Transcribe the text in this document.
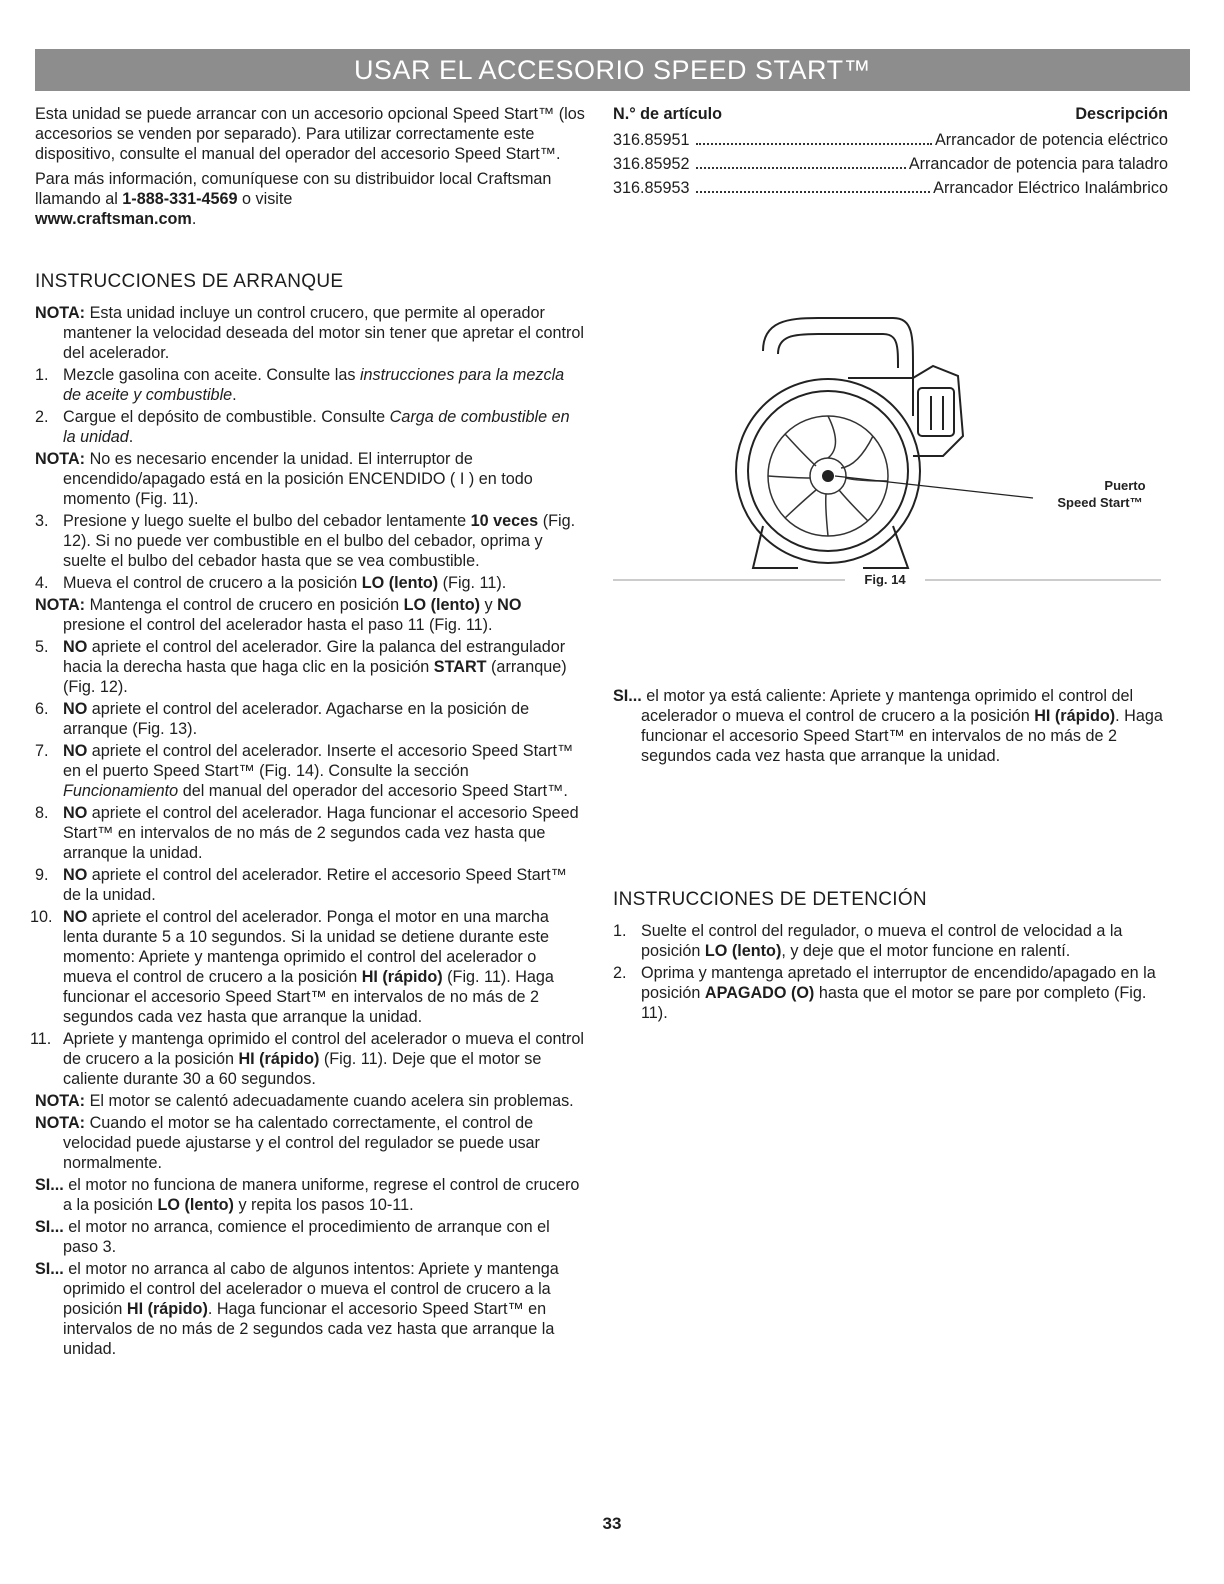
USAR EL ACCESORIO SPEED START™

Esta unidad se puede arrancar con un accesorio opcional Speed Start™ (los accesorios se venden por separado). Para utilizar correctamente este dispositivo, consulte el manual del operador del accesorio Speed Start™.

Para más información, comuníquese con su distribuidor local Craftsman llamando al 1-888-331-4569 o visite
www.craftsman.com.

INSTRUCCIONES DE ARRANQUE

NOTA: Esta unidad incluye un control crucero, que permite al operador mantener la velocidad deseada del motor sin tener que apretar el control del acelerador.

1. Mezcle gasolina con aceite. Consulte las instrucciones para la mezcla de aceite y combustible.
2. Cargue el depósito de combustible. Consulte Carga de combustible en la unidad.

NOTA: No es necesario encender la unidad. El interruptor de encendido/apagado está en la posición ENCENDIDO ( I ) en todo momento (Fig. 11).

3. Presione y luego suelte el bulbo del cebador lentamente 10 veces (Fig. 12). Si no puede ver combustible en el bulbo del cebador, oprima y suelte el bulbo del cebador hasta que se vea combustible.
4. Mueva el control de crucero a la posición LO (lento) (Fig. 11).

NOTA: Mantenga el control de crucero en posición LO (lento) y NO presione el control del acelerador hasta el paso 11 (Fig. 11).

5. NO apriete el control del acelerador. Gire la palanca del estrangulador hacia la derecha hasta que haga clic en la posición START (arranque) (Fig. 12).
6. NO apriete el control del acelerador. Agacharse en la posición de arranque (Fig. 13).
7. NO apriete el control del acelerador. Inserte el accesorio Speed Start™ en el puerto Speed Start™ (Fig. 14). Consulte la sección Funcionamiento del manual del operador del accesorio Speed Start™.
8. NO apriete el control del acelerador. Haga funcionar el accesorio Speed Start™ en intervalos de no más de 2 segundos cada vez hasta que arranque la unidad.
9. NO apriete el control del acelerador. Retire el accesorio Speed Start™ de la unidad.
10. NO apriete el control del acelerador. Ponga el motor en una marcha lenta durante 5 a 10 segundos. Si la unidad se detiene durante este momento: Apriete y mantenga oprimido el control del acelerador o mueva el control de crucero a la posición HI (rápido) (Fig. 11). Haga funcionar el accesorio Speed Start™ en intervalos de no más de 2 segundos cada vez hasta que arranque la unidad.
11. Apriete y mantenga oprimido el control del acelerador o mueva el control de crucero a la posición HI (rápido) (Fig. 11). Deje que el motor se caliente durante 30 a 60 segundos.

NOTA: El motor se calentó adecuadamente cuando acelera sin problemas.

NOTA: Cuando el motor se ha calentado correctamente, el control de velocidad puede ajustarse y el control del regulador se puede usar normalmente.

SI... el motor no funciona de manera uniforme, regrese el control de crucero a la posición LO (lento) y repita los pasos 10-11.

SI... el motor no arranca, comience el procedimiento de arranque con el paso 3.

SI... el motor no arranca al cabo de algunos intentos: Apriete y mantenga oprimido el control del acelerador o mueva el control de crucero a la posición HI (rápido). Haga funcionar el accesorio Speed Start™ en intervalos de no más de 2 segundos cada vez hasta que arranque la unidad.

N.° de artículo	Descripción
316.85951	Arrancador de potencia eléctrico
316.85952	Arrancador de potencia para taladro
316.85953	Arrancador Eléctrico Inalámbrico
Puerto
Speed Start™
Fig. 14

SI... el motor ya está caliente: Apriete y mantenga oprimido el control del acelerador o mueva el control de crucero a la posición HI (rápido). Haga funcionar el accesorio Speed Start™ en intervalos de no más de 2 segundos cada vez hasta que arranque la unidad.

INSTRUCCIONES DE DETENCIÓN
1. Suelte el control del regulador, o mueva el control de velocidad a la posición LO (lento), y deje que el motor funcione en ralentí.
2. Oprima y mantenga apretado el interruptor de encendido/apagado en la posición APAGADO (O) hasta que el motor se pare por completo (Fig. 11).
33
